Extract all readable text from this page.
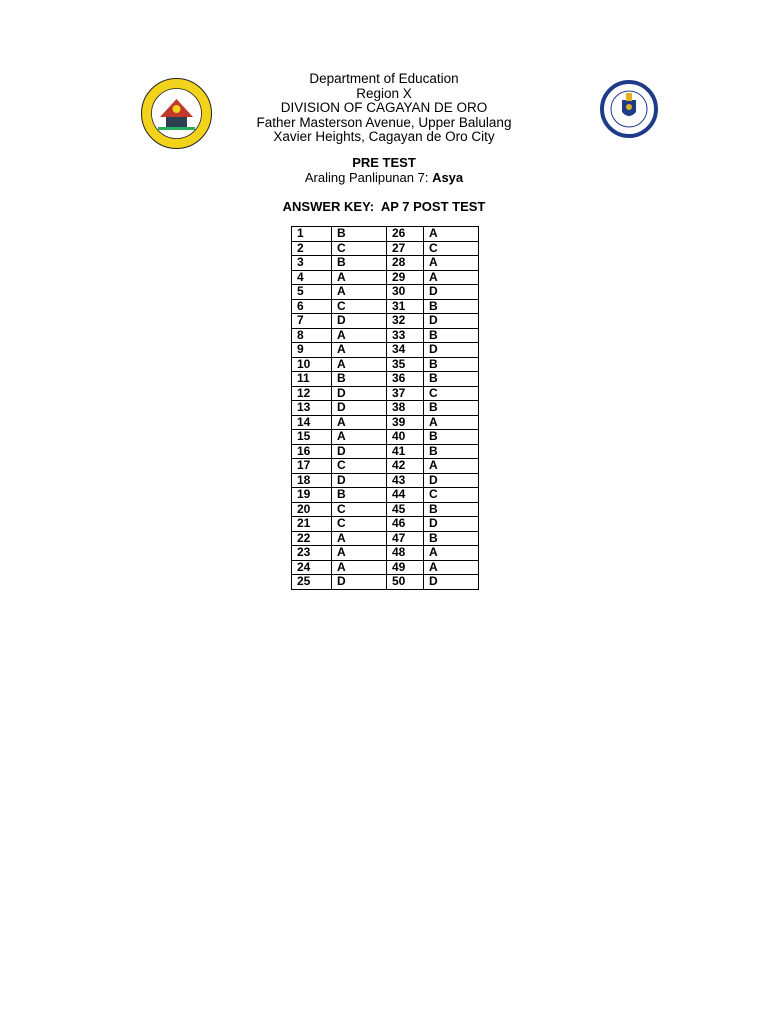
Department of Education
Region X
DIVISION OF CAGAYAN DE ORO
Father Masterson Avenue, Upper Balulang
Xavier Heights, Cagayan de Oro City
PRE TEST
Araling Panlipunan 7: Asya
ANSWER KEY:  AP 7 POST TEST
1	B	26	A
2	C	27	C
3	B	28	A
4	A	29	A
5	A	30	D
6	C	31	B
7	D	32	D
8	A	33	B
9	A	34	D
10	A	35	B
11	B	36	B
12	D	37	C
13	D	38	B
14	A	39	A
15	A	40	B
16	D	41	B
17	C	42	A
18	D	43	D
19	B	44	C
20	C	45	B
21	C	46	D
22	A	47	B
23	A	48	A
24	A	49	A
25	D	50	D
